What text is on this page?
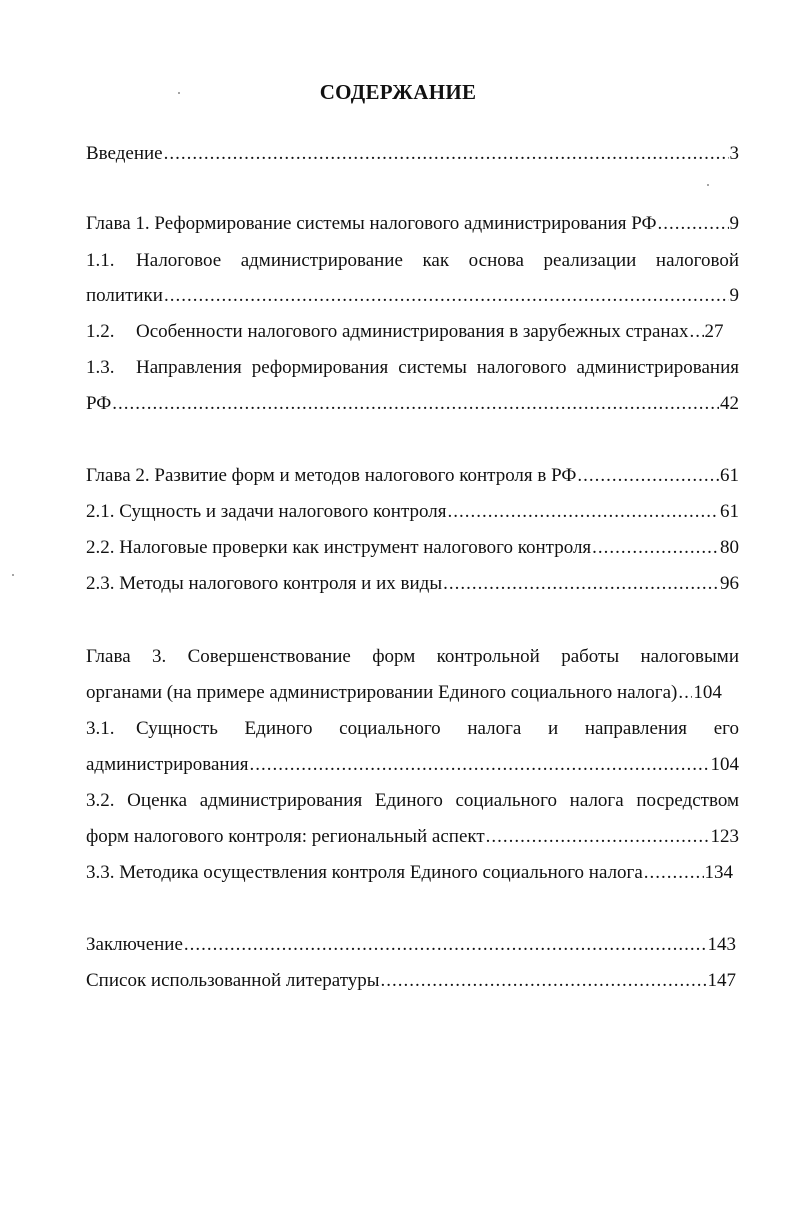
СОДЕРЖАНИЕ
Введение .....	3
Глава 1. Реформирование системы налогового администрирования РФ .....	9
1.1. Налоговое администрирование как основа реализации налоговой
политики .....	9
1.2. Особенности налогового администрирования в зарубежных странах ..... 27
1.3. Направления реформирования системы налогового администрирования
РФ .....	42
Глава 2. Развитие форм и методов налогового контроля в РФ .....	61
2.1. Сущность и задачи налогового контроля .....	61
2.2. Налоговые проверки как инструмент налогового контроля .....	80
2.3. Методы налогового контроля и их виды .....	96
Глава 3. Совершенствование форм контрольной работы налоговыми
органами (на примере администрировании Единого социального налога) ..... 104
3.1. Сущность Единого социального налога и направления его
администрирования .....	104
3.2. Оценка администрирования Единого социального налога посредством
форм налогового контроля: региональный аспект .....	123
3.3. Методика осуществления контроля Единого социального налога .....	134
Заключение .....	143
Список использованной литературы .....	147
